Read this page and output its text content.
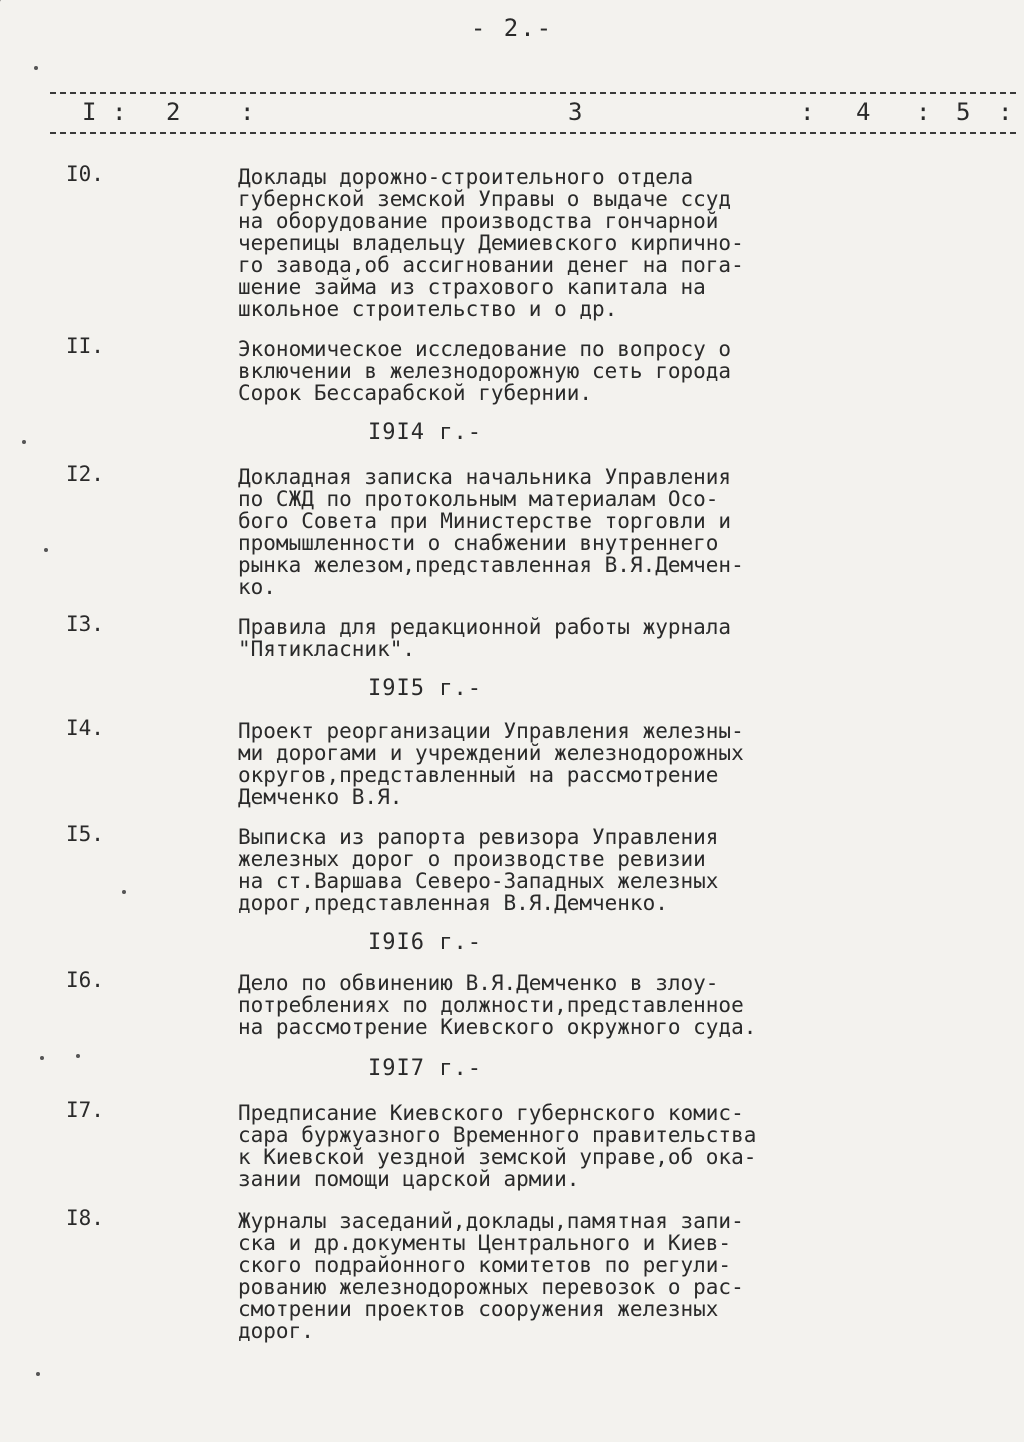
- 2.-
I : 2 :	3	: 4 : 5 :
I0.	Доклады дорожно-строительного отдела
губернской земской Управы о выдаче ссуд
на оборудование производства гончарной
черепицы владельцу Демиевского кирпично-
го завода,об ассигновании денег на пога-
шение займа из страхового капитала на
школьное строительство и о др.
II.	Экономическое исследование по вопросу о
включении в железнодорожную сеть города
Сорок Бессарабской губернии.
I9I4 г.-
I2.	Докладная записка начальника Управления
по СЖД по протокольным материалам Осо-
бого Совета при Министерстве торговли и
промышленности о снабжении внутреннего
рынка железом,представленная В.Я.Демчен-
ко.
I3.	Правила для редакционной работы журнала
"Пятикласник".
I9I5 г.-
I4.	Проект реорганизации Управления железны-
ми дорогами и учреждений железнодорожных
округов,представленный на рассмотрение
Демченко В.Я.
I5.	Выписка из рапорта ревизора Управления
железных дорог о производстве ревизии
на ст.Варшава Северо-Западных железных
дорог,представленная В.Я.Демченко.
I9I6 г.-
I6.	Дело по обвинению В.Я.Демченко в злоу-
потреблениях по должности,представленное
на рассмотрение Киевского окружного суда.
I9I7 г.-
I7.	Предписание Киевского губернского комис-
сара буржуазного Временного правительства
к Киевской уездной земской управе,об ока-
зании помощи царской армии.
I8.	Журналы заседаний,доклады,памятная запи-
ска и др.документы Центрального и Киев-
ского подрайонного комитетов по регули-
рованию железнодорожных перевозок о рас-
смотрении проектов сооружения железных
дорог.
